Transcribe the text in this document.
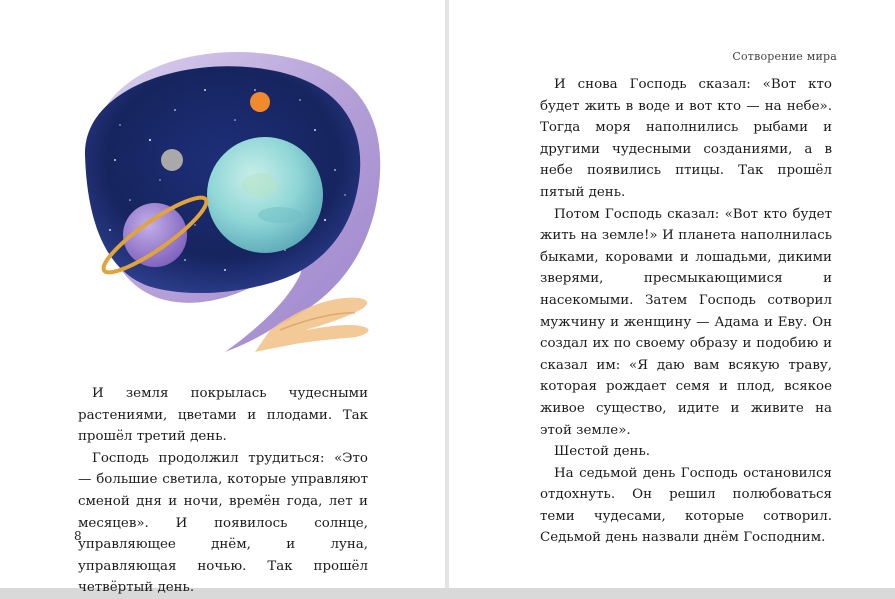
И земля покрылась чудесными растениями, цветами и плодами. Так прошёл третий день.

Господь продолжил трудиться: «Это — большие светила, которые управляют сменой дня и ночи, времён года, лет и месяцев». И появилось солнце, управляющее днём, и луна, управляющая ночью. Так прошёл четвёртый день.

8
Сотворение мира

И снова Господь сказал: «Вот кто будет жить в воде и вот кто — на небе». Тогда моря наполнились рыбами и другими чудесными созданиями, а в небе появились птицы. Так прошёл пятый день.

Потом Господь сказал: «Вот кто будет жить на земле!» И планета наполнилась быками, коровами и лошадьми, дикими зверями, пресмыкающимися и насекомыми. Затем Господь сотворил мужчину и женщину — Адама и Еву. Он создал их по своему образу и подобию и сказал им: «Я даю вам всякую траву, которая рождает семя и плод, всякое живое существо, идите и живите на этой земле».

Шестой день.

На седьмой день Господь остановился отдохнуть. Он решил полюбоваться теми чудесами, которые сотворил. Седьмой день назвали днём Господним.
